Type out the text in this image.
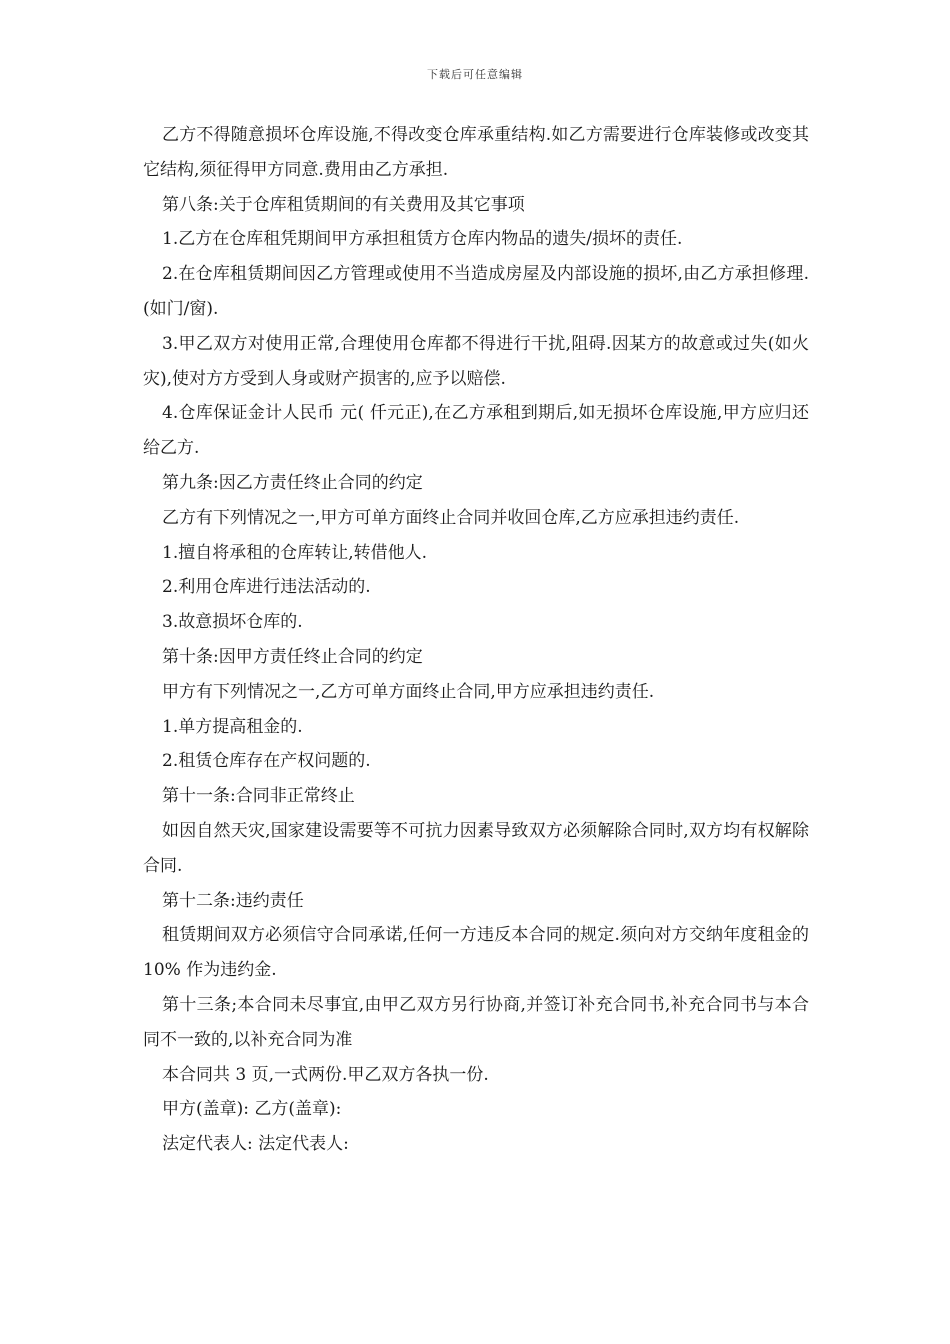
下载后可任意编辑

乙方不得随意损坏仓库设施,不得改变仓库承重结构.如乙方需要进行仓库装修或改变其它结构,须征得甲方同意.费用由乙方承担.

第八条:关于仓库租赁期间的有关费用及其它事项

1.乙方在仓库租凭期间甲方承担租赁方仓库内物品的遗失/损坏的责任.

2.在仓库租赁期间因乙方管理或使用不当造成房屋及内部设施的损坏,由乙方承担修理.(如门/窗).

3.甲乙双方对使用正常,合理使用仓库都不得进行干扰,阻碍.因某方的故意或过失(如火灾),使对方方受到人身或财产损害的,应予以赔偿.

4.仓库保证金计人民币 元( 仟元正),在乙方承租到期后,如无损坏仓库设施,甲方应归还给乙方.

第九条:因乙方责任终止合同的约定

乙方有下列情况之一,甲方可单方面终止合同并收回仓库,乙方应承担违约责任.

1.擅自将承租的仓库转让,转借他人.

2.利用仓库进行违法活动的.

3.故意损坏仓库的.

第十条:因甲方责任终止合同的约定

甲方有下列情况之一,乙方可单方面终止合同,甲方应承担违约责任.

1.单方提高租金的.

2.租赁仓库存在产权问题的.

第十一条:合同非正常终止

如因自然天灾,国家建设需要等不可抗力因素导致双方必须解除合同时,双方均有权解除合同.

第十二条:违约责任

租赁期间双方必须信守合同承诺,任何一方违反本合同的规定.须向对方交纳年度租金的 10% 作为违约金.

第十三条;本合同未尽事宜,由甲乙双方另行协商,并签订补充合同书,补充合同书与本合同不一致的,以补充合同为准

本合同共 3 页,一式两份.甲乙双方各执一份.

甲方(盖章): 乙方(盖章):

法定代表人: 法定代表人:
